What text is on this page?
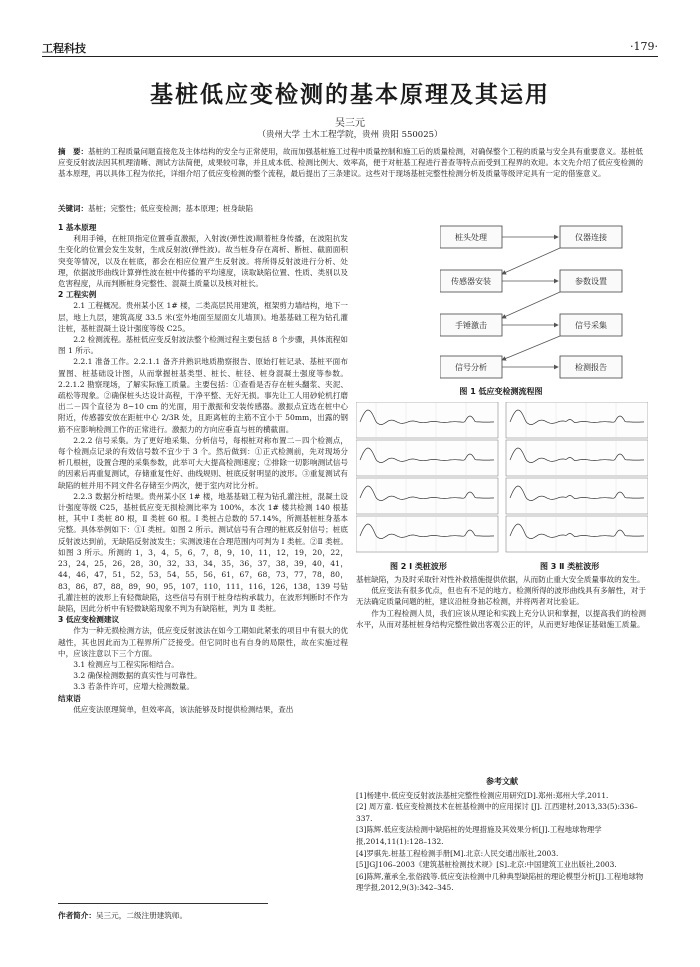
工程科技	·179·
基桩低应变检测的基本原理及其运用
吴三元
（贵州大学 土木工程学院，贵州 贵阳 550025）
摘　要：基桩的工程质量问题直接危及主体结构的安全与正常使用，故而加强基桩施工过程中质量控制和施工后的质量检测，对确保整个工程的质量与安全具有重要意义。基桩低应变反射波法因其机理清晰、测试方法简便，成果较可靠，并且成本低、检测比例大、效率高，便于对桩基工程进行普查等特点而受到工程界的欢迎。本文先介绍了低应变检测的基本原理，再以具体工程为依托，详细介绍了低应变检测的整个流程，最后提出了三条建议。这些对于现场基桩完整性检测分析及质量等级评定具有一定的借鉴意义。
关键词：基桩；完整性；低应变检测；基本原理；桩身缺陷

1 基本原理

利用手锤，在桩顶指定位置垂直激振，入射波(弹性波)顺着桩身传播，在波阻抗发生变化的位置会发生发射，生成反射波(弹性波)。故当桩身存在离析、断桩、截面面积突变等情况，以及在桩底，都会在相应位置产生反射波。将所得反射波进行分析、处理，依据波形曲线计算弹性波在桩中传播的平均速度，读取缺陷位置、性质、类别以及危害程度，从而判断桩身完整性、混凝土质量以及核对桩长。

2 工程实例

2.1 工程概况。贵州某小区 1# 楼，二类高层民用建筑，框架剪力墙结构，地下一层，地上九层，建筑高度 33.5 米(室外地面至屋面女儿墙顶)。地基基础工程为钻孔灌注桩，基桩混凝土设计强度等级 C25。

2.2 检测流程。基桩低应变反射波法整个检测过程主要包括 8 个步骤，具体流程如图 1 所示。

2.2.1 准备工作。2.2.1.1 备齐并熟识地质勘察报告、原始打桩记录、基桩平面布置图、桩基础设计图，从而掌握桩基类型、桩长、桩径、桩身混凝土强度等参数。2.2.1.2 勘察现场，了解实际施工质量。主要包括：①查看是否存在桩头翻浆、夹泥、疏松等现象。②确保桩头达设计高程，干净平整、无好无损。事先让工人用砂轮机打磨出二－四个直径为 8~10 cm 的光面，用于激振和安装传感器。激振点宜选在桩中心附近，传感器安放在距桩中心 2/3R 处，且距离桩的主筋不宜小于 50mm，出露的钢筋不应影响检测工作的正常进行。激振力的方向应垂直与桩的横截面。

2.2.2 信号采集。为了更好地采集、分析信号，每根桩对称布置二－四个检测点，每个检测点记录的有效信号数不宜少于 3 个。然后做到：①正式检测前，先对现场分析几根桩，设置合理的采集参数，此举可大大提高检测速度；②排除一切影响测试信号的因素后再重复测试，存储重复性好、曲线规则、桩底反射明显的波形。③重复测试有缺陷的桩并用不同文件名存储至少两次，便于室内对比分析。

2.2.3 数据分析结果。贵州某小区 1# 楼，地基基础工程为钻孔灌注桩，混凝土设计强度等级 C25，基桩低应变无损检测比率为 100%，本次 1# 楼共检测 140 根基桩，其中 Ⅰ 类桩 80 根，Ⅱ 类桩 60 根。Ⅰ 类桩占总数的 57.14%，所测基桩桩身基本完整。具体举例如下：①Ⅰ 类桩。如图 2 所示。测试信号有合理的桩底反射信号；桩底反射波达到前，无缺陷反射波发生；实测波速在合理范围内可判为 Ⅰ 类桩。②Ⅱ 类桩。如图 3 所示。所测的 1，3，4，5，6，7，8，9，10，11，12，19，20，22，23，24，25，26，28，30，32，33，34，35，36，37，38，39，40，41，44，46，47，51，52，53，54，55，56，61，67，68，73，77，78，80，83，86，87，88，89，90，95，107，110，111，116，126，138，139 号钻孔灌注桩的波形上有轻微缺陷，这些信号有别于桩身结构承载力，在波形判断时不作为缺陷，因此分析中有轻微缺陷现象不判为有缺陷桩，判为 Ⅱ 类桩。

3 低应变检测建议

作为一种无损检测方法，低应变反射波法在如今工期如此紧张的项目中有很大的优越性，其也因此而为工程界所广泛接受。但它同时也有自身的局限性，故在实施过程中，应该注意以下三个方面。

3.1 检测应与工程实际相结合。

3.2 确保检测数据的真实性与可靠性。

3.3 若条件许可，应增大检测数量。

结束语

低应变法原理简单，但效率高，该法能够及时提供检测结果，查出

桩头处理	仪器连接
传感器安装	参数设置
手锤激击	信号采集
信号分析	检测报告
图 1 低应变检测流程图
图 2 Ⅰ 类桩波形	图 3 Ⅱ 类桩波形

基桩缺陷，为及时采取针对性补救措施提供依据，从而防止重大安全质量事故的发生。

低应变法有很多优点，但也有不足的地方。检测所得的波形曲线具有多解性，对于无法确定质量问题的桩，建议沿桩身抽芯检测，并将两者对比验证。

作为工程检测人员，我们应该从理论和实践上充分认识和掌握，以提高我们的检测水平，从而对基桩桩身结构完整性做出客观公正的评，从而更好地保证基础施工质量。

参考文献
[1]杨建中.低应变反射波法基桩完整性检测应用研究[D].郑州:郑州大学,2011.
[2] 周万童. 低应变检测技术在桩基检测中的应用探讨 [J]. 江西建材,2013,33(5):336–337.
[3]陈辉.低应变法检测中缺陷桩的处理措施及其效果分析[J].工程地球物理学报,2014,11(1):128–132.
[4]罗骐先.桩基工程检测手册[M].北京:人民交通出版社,2003.
[5]JGJ106–2003《建筑基桩检测技术规》[S].北京:中国建筑工业出版社,2003.
[6]陈辉,董承全,张俗践等.低应变法检测中几种典型缺陷桩的理论模型分析[J].工程地球物理学报,2012,9(3):342–345.
作者简介：吴三元，二级注册建筑师。
